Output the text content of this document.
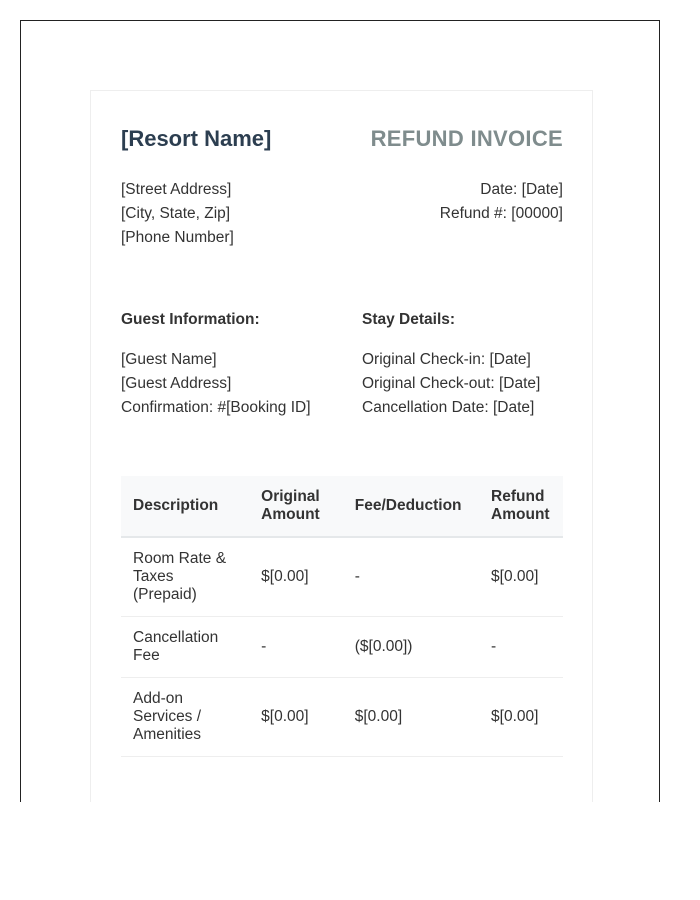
[Resort Name]	REFUND INVOICE
[Street Address]
[City, State, Zip]
[Phone Number]
Date: [Date]
Refund #: [00000]
Guest Information:
[Guest Name]
[Guest Address]
Confirmation: #[Booking ID]
Stay Details:
Original Check-in: [Date]
Original Check-out: [Date]
Cancellation Date: [Date]
Description	Original Amount	Fee/Deduction	Refund Amount
Room Rate & Taxes (Prepaid)	$[0.00]	-	$[0.00]
Cancellation Fee	-	($[0.00])	-
Add-on Services / Amenities	$[0.00]	$[0.00]	$[0.00]
